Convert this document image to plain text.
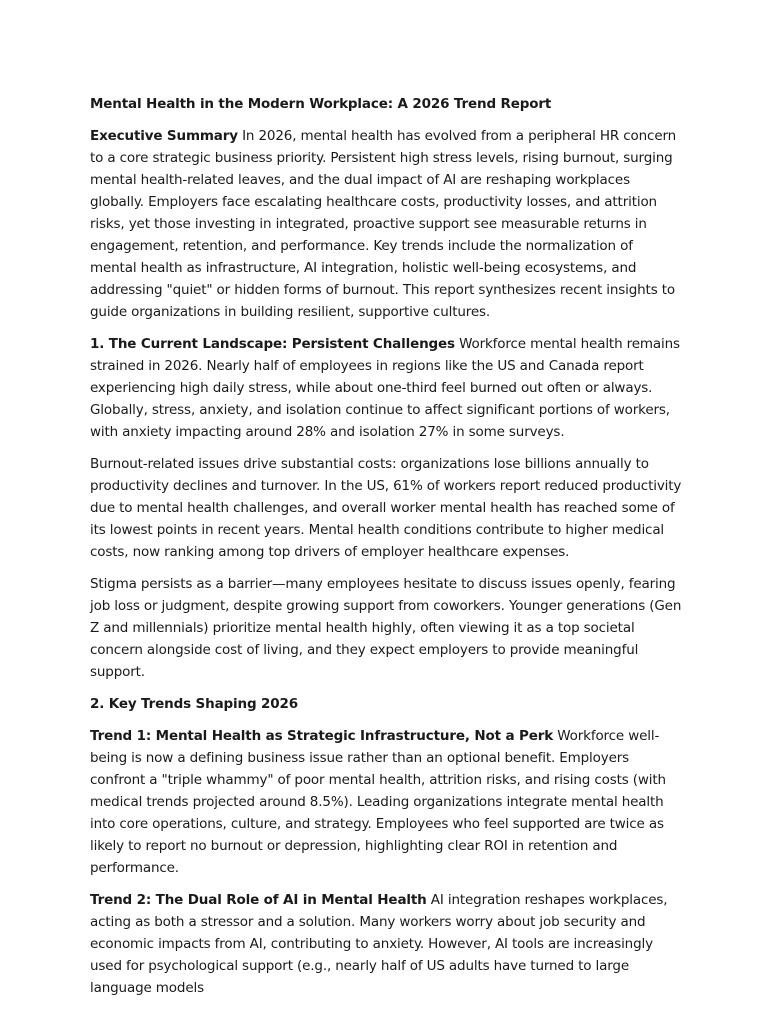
Mental Health in the Modern Workplace: A 2026 Trend Report

Executive Summary In 2026, mental health has evolved from a peripheral HR concern to a core strategic business priority. Persistent high stress levels, rising burnout, surging mental health-related leaves, and the dual impact of AI are reshaping workplaces globally. Employers face escalating healthcare costs, productivity losses, and attrition risks, yet those investing in integrated, proactive support see measurable returns in engagement, retention, and performance. Key trends include the normalization of mental health as infrastructure, AI integration, holistic well-being ecosystems, and addressing "quiet" or hidden forms of burnout. This report synthesizes recent insights to guide organizations in building resilient, supportive cultures.

1. The Current Landscape: Persistent Challenges Workforce mental health remains strained in 2026. Nearly half of employees in regions like the US and Canada report experiencing high daily stress, while about one-third feel burned out often or always. Globally, stress, anxiety, and isolation continue to affect significant portions of workers, with anxiety impacting around 28% and isolation 27% in some surveys.

Burnout-related issues drive substantial costs: organizations lose billions annually to productivity declines and turnover. In the US, 61% of workers report reduced productivity due to mental health challenges, and overall worker mental health has reached some of its lowest points in recent years. Mental health conditions contribute to higher medical costs, now ranking among top drivers of employer healthcare expenses.

Stigma persists as a barrier—many employees hesitate to discuss issues openly, fearing job loss or judgment, despite growing support from coworkers. Younger generations (Gen Z and millennials) prioritize mental health highly, often viewing it as a top societal concern alongside cost of living, and they expect employers to provide meaningful support.

2. Key Trends Shaping 2026

Trend 1: Mental Health as Strategic Infrastructure, Not a Perk Workforce well-being is now a defining business issue rather than an optional benefit. Employers confront a "triple whammy" of poor mental health, attrition risks, and rising costs (with medical trends projected around 8.5%). Leading organizations integrate mental health into core operations, culture, and strategy. Employees who feel supported are twice as likely to report no burnout or depression, highlighting clear ROI in retention and performance.

Trend 2: The Dual Role of AI in Mental Health AI integration reshapes workplaces, acting as both a stressor and a solution. Many workers worry about job security and economic impacts from AI, contributing to anxiety. However, AI tools are increasingly used for psychological support (e.g., nearly half of US adults have turned to large language models
